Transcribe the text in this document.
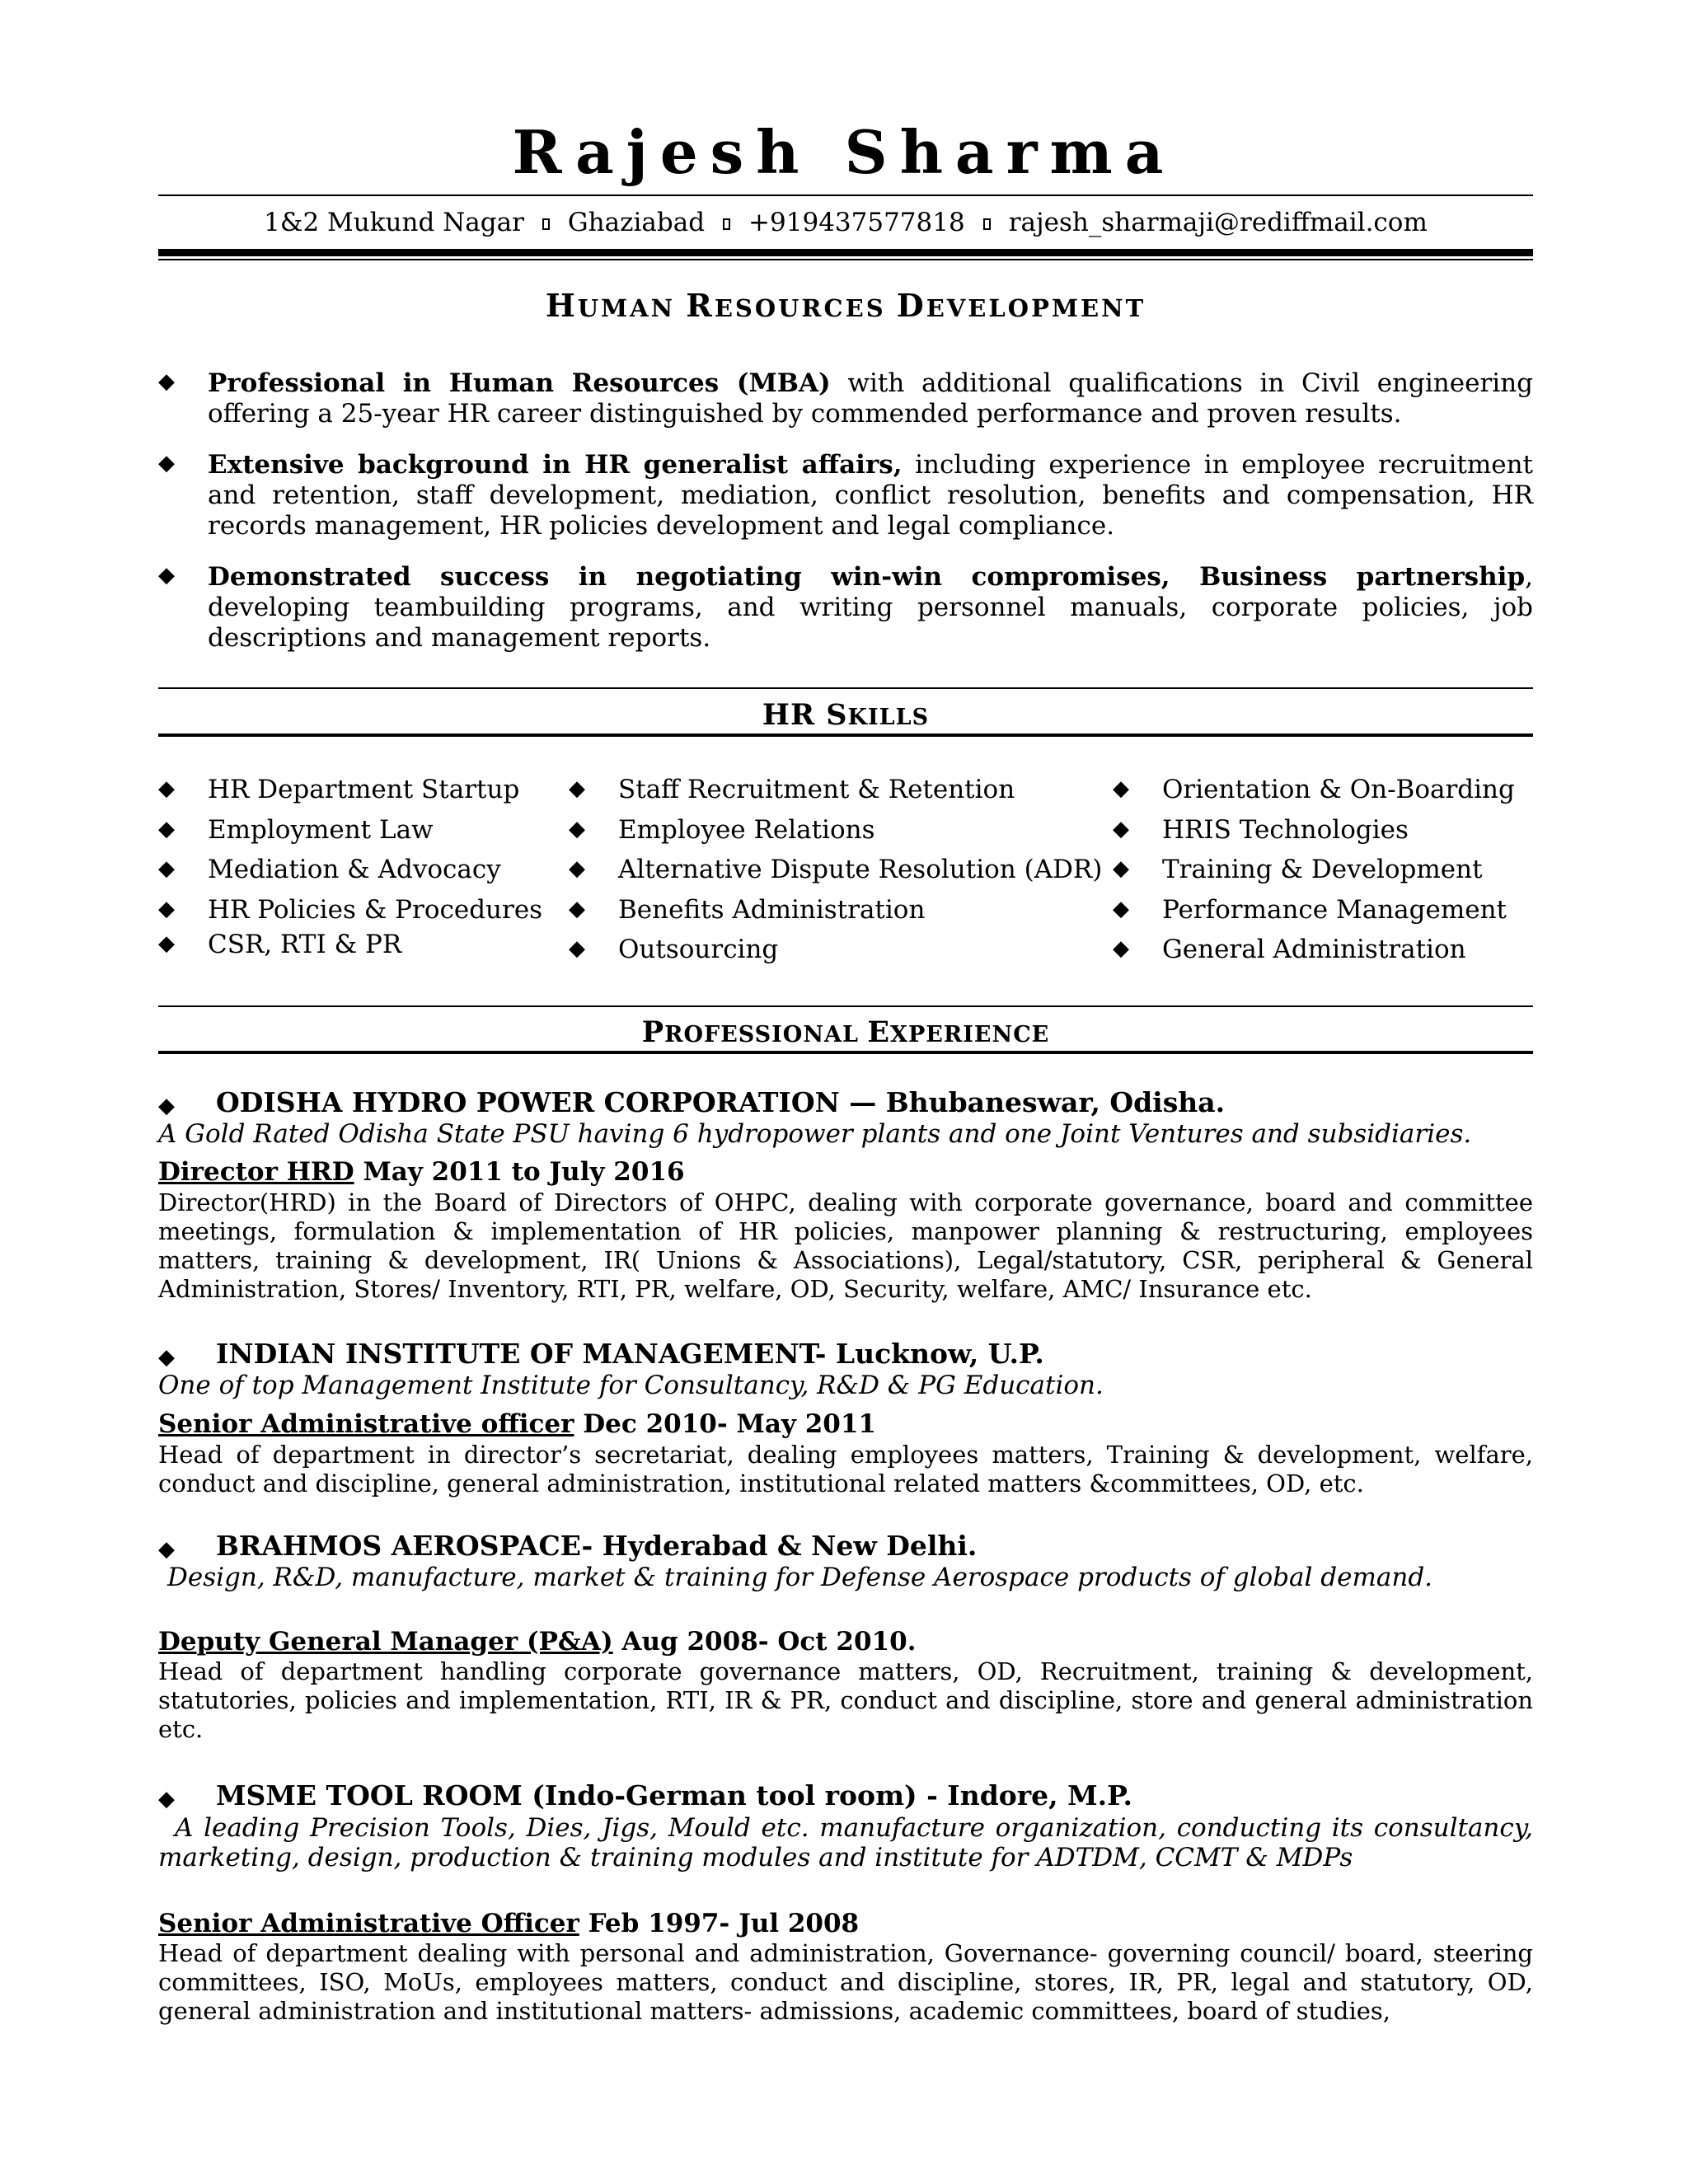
Rajesh Sharma
1&2 Mukund Nagar Ghaziabad +919437577818 rajesh_sharmaji@rediffmail.com
HUMAN RESOURCES DEVELOPMENT
◆ Professional in Human Resources (MBA) with additional qualifications in Civil engineering offering a 25-year HR career distinguished by commended performance and proven results.
◆ Extensive background in HR generalist affairs, including experience in employee recruitment and retention, staff development, mediation, conflict resolution, benefits and compensation, HR records management, HR policies development and legal compliance.
◆ Demonstrated success in negotiating win-win compromises, Business partnership, developing teambuilding programs, and writing personnel manuals, corporate policies, job descriptions and management reports.
HR SKILLS
◆ HR Department Startup
◆ Employment Law
◆ Mediation & Advocacy
◆ HR Policies & Procedures
◆ CSR, RTI & PR
◆ Staff Recruitment & Retention
◆ Employee Relations
◆ Alternative Dispute Resolution (ADR)
◆ Benefits Administration
◆ Outsourcing
◆ Orientation & On-Boarding
◆ HRIS Technologies
◆ Training & Development
◆ Performance Management
◆ General Administration
PROFESSIONAL EXPERIENCE
◆ ODISHA HYDRO POWER CORPORATION — Bhubaneswar, Odisha.
A Gold Rated Odisha State PSU having 6 hydropower plants and one Joint Ventures and subsidiaries.
Director HRD May 2011 to July 2016
Director(HRD) in the Board of Directors of OHPC, dealing with corporate governance, board and committee meetings, formulation & implementation of HR policies, manpower planning & restructuring, employees matters, training & development, IR( Unions & Associations), Legal/statutory, CSR, peripheral & General Administration, Stores/ Inventory, RTI, PR, welfare, OD, Security, welfare, AMC/ Insurance etc.
◆ INDIAN INSTITUTE OF MANAGEMENT- Lucknow, U.P.
One of top Management Institute for Consultancy, R&D & PG Education.
Senior Administrative officer Dec 2010- May 2011
Head of department in director’s secretariat, dealing employees matters, Training & development, welfare, conduct and discipline, general administration, institutional related matters &committees, OD, etc.
◆ BRAHMOS AEROSPACE- Hyderabad & New Delhi.
Design, R&D, manufacture, market & training for Defense Aerospace products of global demand.
Deputy General Manager (P&A) Aug 2008- Oct 2010.
Head of department handling corporate governance matters, OD, Recruitment, training & development, statutories, policies and implementation, RTI, IR & PR, conduct and discipline, store and general administration etc.
◆ MSME TOOL ROOM (Indo-German tool room) - Indore, M.P.
A leading Precision Tools, Dies, Jigs, Mould etc. manufacture organization, conducting its consultancy, marketing, design, production & training modules and institute for ADTDM, CCMT & MDPs
Senior Administrative Officer Feb 1997- Jul 2008
Head of department dealing with personal and administration, Governance- governing council/ board, steering committees, ISO, MoUs, employees matters, conduct and discipline, stores, IR, PR, legal and statutory, OD, general administration and institutional matters- admissions, academic committees, board of studies,
